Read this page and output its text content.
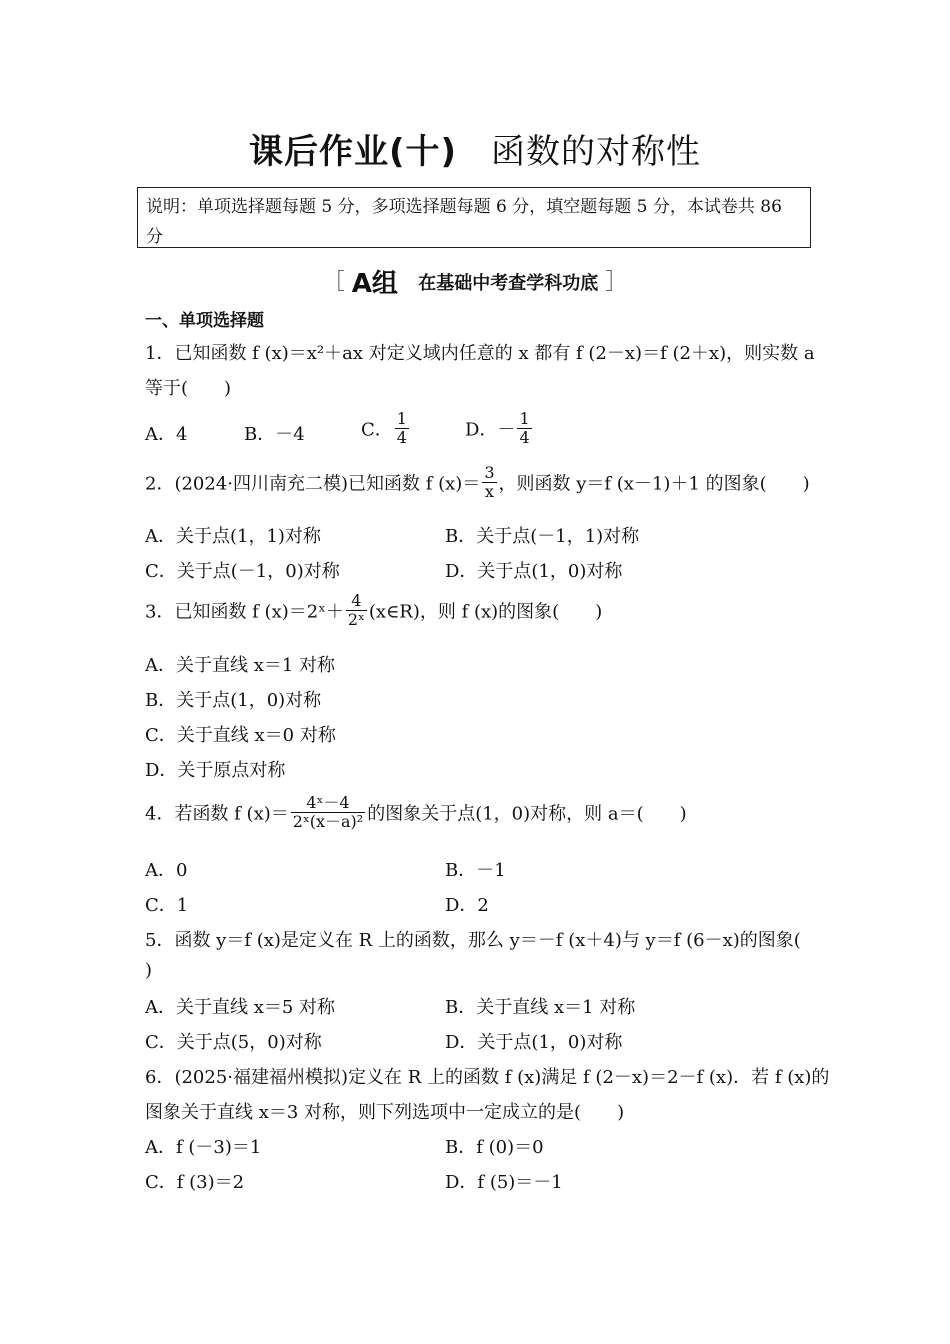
课后作业(十) 函数的对称性
说明：单项选择题每题 5 分，多项选择题每题 6 分，填空题每题 5 分，本试卷共 86 分
［ A组 在基础中考查学科功底 ］
一、单项选择题
1．已知函数 f (x)＝x²＋ax 对定义域内任意的 x 都有 f (2－x)＝f (2＋x)，则实数 a
等于(　　)
A．4	B．－4	C． $\frac{1}{4}$	D．－ $\frac{1}{4}$
2．(2024·四川南充二模)已知函数 f $(x)= \frac{3}{x}$ ，则函数 y＝f (x－1)＋1 的图象(　　)
A．关于点(1，1)对称	B．关于点(－1，1)对称
C．关于点(－1，0)对称	D．关于点(1，0)对称
3．已知函数 f (x)＝2ˣ＋ $\frac{4}{\text{2ˣ}}$ (x∈R)，则 f (x)的图象(　　)
A．关于直线 x＝1 对称
B．关于点(1，0)对称
C．关于直线 x＝0 对称
D．关于原点对称
4．若函数 f $(x)= \frac{\text{4ˣ－4}}{\text{2ˣ(x－a)²}}$ 的图象关于点(1，0)对称，则 a＝(　　)
A．0	B．－1
C．1	D．2
5．函数 y＝f (x)是定义在 R 上的函数，那么 y＝－f (x＋4)与 y＝f (6－x)的图象(
)
A．关于直线 x＝5 对称	B．关于直线 x＝1 对称
C．关于点(5，0)对称	D．关于点(1，0)对称
6．(2025·福建福州模拟)定义在 R 上的函数 f (x)满足 f (2－x)＝2－f (x)．若 f (x)的
图象关于直线 x＝3 对称，则下列选项中一定成立的是(　　)
A．f (－3)＝1	B．f (0)＝0
C．f (3)＝2	D．f (5)＝－1
